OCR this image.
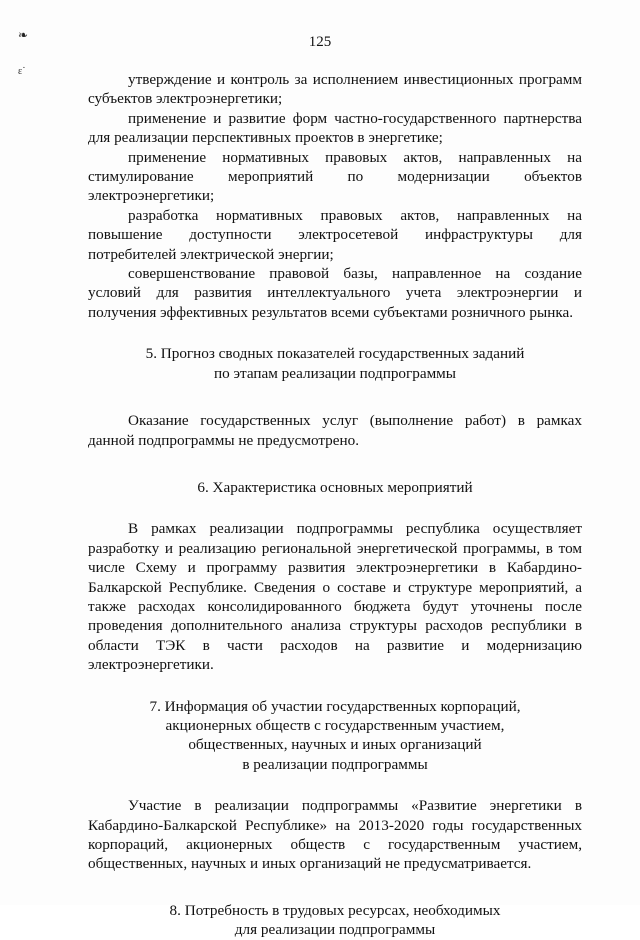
❧
ε˙
125

утверждение и контроль за исполнением инвестиционных программ субъектов электроэнергетики;

применение и развитие форм частно-государственного партнерства для реализации перспективных проектов в энергетике;

применение нормативных правовых актов, направленных на стимулирование мероприятий по модернизации объектов электроэнергетики;

разработка нормативных правовых актов, направленных на повышение доступности электросетевой инфраструктуры для потребителей электрической энергии;

совершенствование правовой базы, направленное на создание условий для развития интеллектуального учета электроэнергии и получения эффективных результатов всеми субъектами розничного рынка.

5. Прогноз сводных показателей государственных заданий

по этапам реализации подпрограммы

Оказание государственных услуг (выполнение работ) в рамках данной подпрограммы не предусмотрено.

6. Характеристика основных мероприятий

В рамках реализации подпрограммы республика осуществляет разработку и реализацию региональной энергетической программы, в том числе Схему и программу развития электроэнергетики в Кабардино-Балкарской Республике. Сведения о составе и структуре мероприятий, а также расходах консолидированного бюджета будут уточнены после проведения дополнительного анализа структуры расходов республики в области ТЭК в части расходов на развитие и модернизацию электроэнергетики.

7. Информация об участии государственных корпораций,

акционерных обществ с государственным участием,

общественных, научных и иных организаций

в реализации подпрограммы

Участие в реализации подпрограммы «Развитие энергетики в Кабардино-Балкарской Республике» на 2013-2020 годы государственных корпораций, акционерных обществ с государственным участием, общественных, научных и иных организаций не предусматривается.

8. Потребность в трудовых ресурсах, необходимых

для реализации подпрограммы
